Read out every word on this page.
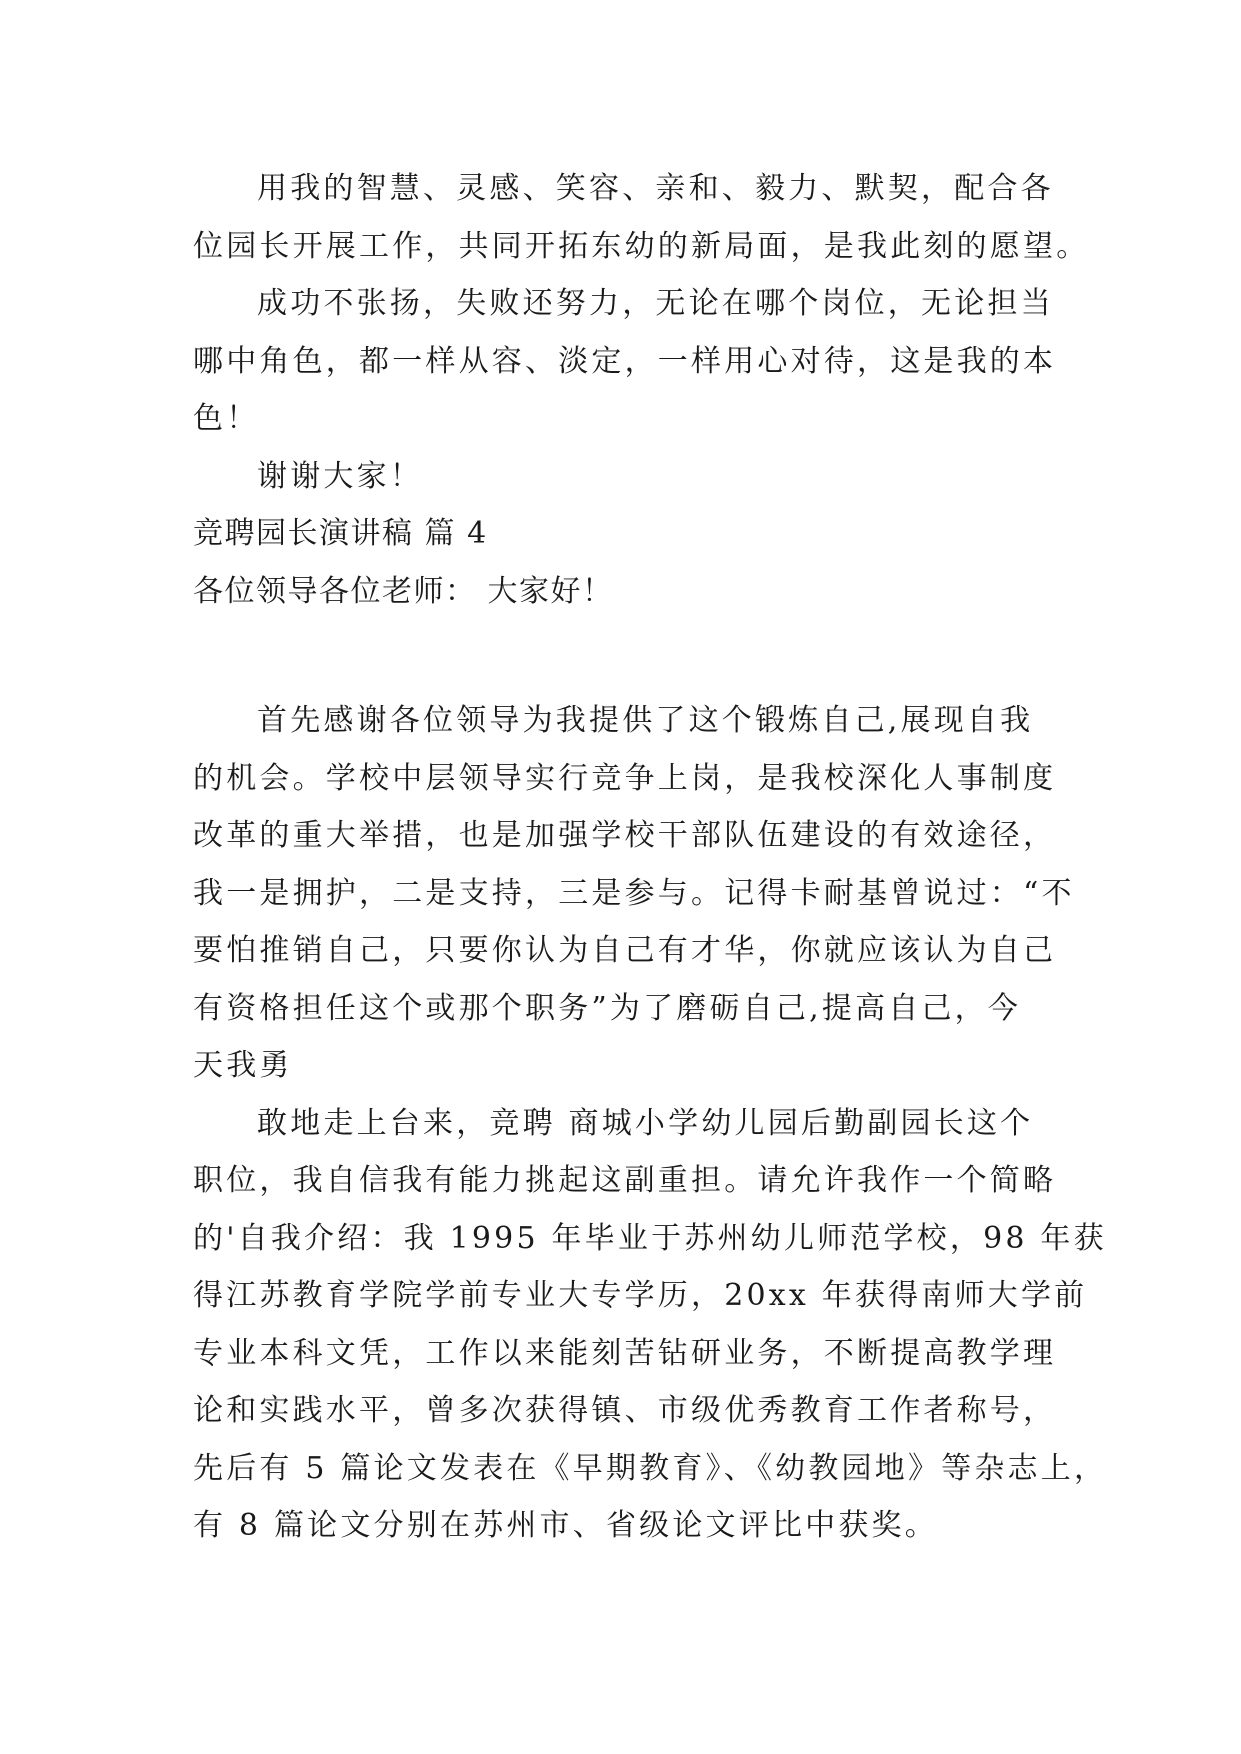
用我的智慧、灵感、笑容、亲和、毅力、默契，配合各
位园长开展工作，共同开拓东幼的新局面，是我此刻的愿望。
成功不张扬，失败还努力，无论在哪个岗位，无论担当
哪中角色，都一样从容、淡定，一样用心对待，这是我的本
色！
谢谢大家！
竞聘园长演讲稿 篇 4
各位领导各位老师： 大家好！
首先感谢各位领导为我提供了这个锻炼自己,展现自我
的机会。学校中层领导实行竞争上岗，是我校深化人事制度
改革的重大举措，也是加强学校干部队伍建设的有效途径，
我一是拥护，二是支持，三是参与。记得卡耐基曾说过：“不
要怕推销自己，只要你认为自己有才华，你就应该认为自己
有资格担任这个或那个职务”为了磨砺自己,提高自己，今
天我勇
敢地走上台来，竞聘 商城小学幼儿园后勤副园长这个
职位，我自信我有能力挑起这副重担。请允许我作一个简略
的'自我介绍：我 1995 年毕业于苏州幼儿师范学校，98 年获
得江苏教育学院学前专业大专学历，20xx 年获得南师大学前
专业本科文凭，工作以来能刻苦钻研业务，不断提高教学理
论和实践水平，曾多次获得镇、市级优秀教育工作者称号，
先后有 5 篇论文发表在《早期教育》、《幼教园地》等杂志上，
有 8 篇论文分别在苏州市、省级论文评比中获奖。
